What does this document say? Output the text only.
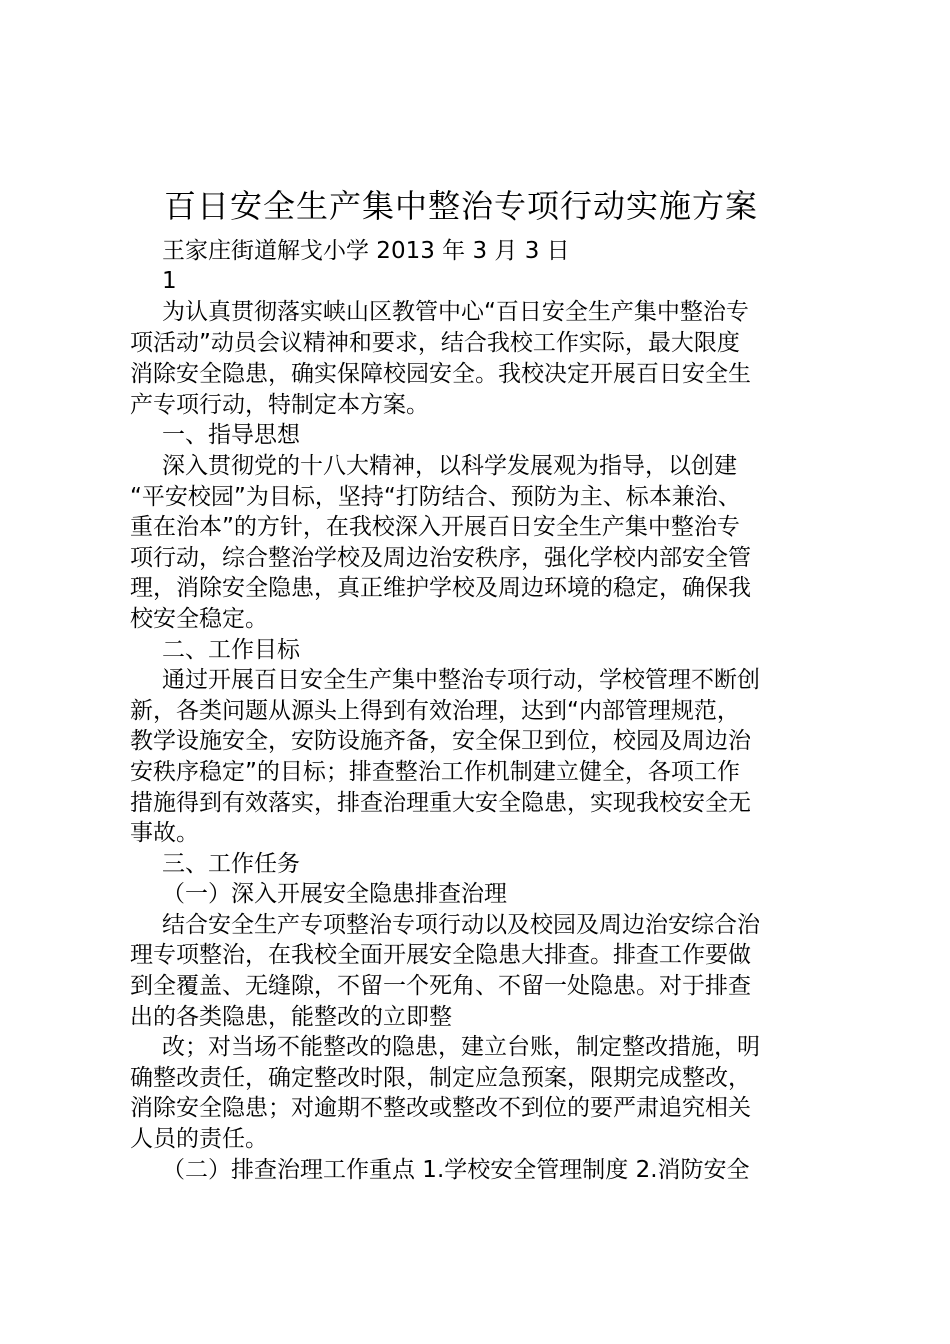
百日安全生产集中整治专项行动实施方案

王家庄街道解戈小学 2013 年 3 月 3 日

1

为认真贯彻落实峡山区教管中心“百日安全生产集中整治专

项活动”动员会议精神和要求，结合我校工作实际，最大限度

消除安全隐患，确实保障校园安全。我校决定开展百日安全生

产专项行动，特制定本方案。

一、指导思想

深入贯彻党的十八大精神，以科学发展观为指导，以创建

“平安校园”为目标，坚持“打防结合、预防为主、标本兼治、

重在治本”的方针，在我校深入开展百日安全生产集中整治专

项行动，综合整治学校及周边治安秩序，强化学校内部安全管

理，消除安全隐患，真正维护学校及周边环境的稳定，确保我

校安全稳定。

二、工作目标

通过开展百日安全生产集中整治专项行动，学校管理不断创

新，各类问题从源头上得到有效治理，达到“内部管理规范，

教学设施安全，安防设施齐备，安全保卫到位，校园及周边治

安秩序稳定”的目标；排查整治工作机制建立健全，各项工作

措施得到有效落实，排查治理重大安全隐患，实现我校安全无

事故。

三、工作任务

（一）深入开展安全隐患排查治理

结合安全生产专项整治专项行动以及校园及周边治安综合治

理专项整治，在我校全面开展安全隐患大排查。排查工作要做

到全覆盖、无缝隙，不留一个死角、不留一处隐患。对于排查

出的各类隐患，能整改的立即整

改；对当场不能整改的隐患，建立台账，制定整改措施，明

确整改责任，确定整改时限，制定应急预案，限期完成整改，

消除安全隐患；对逾期不整改或整改不到位的要严肃追究相关

人员的责任。

（二）排查治理工作重点 1.学校安全管理制度 2.消防安全
